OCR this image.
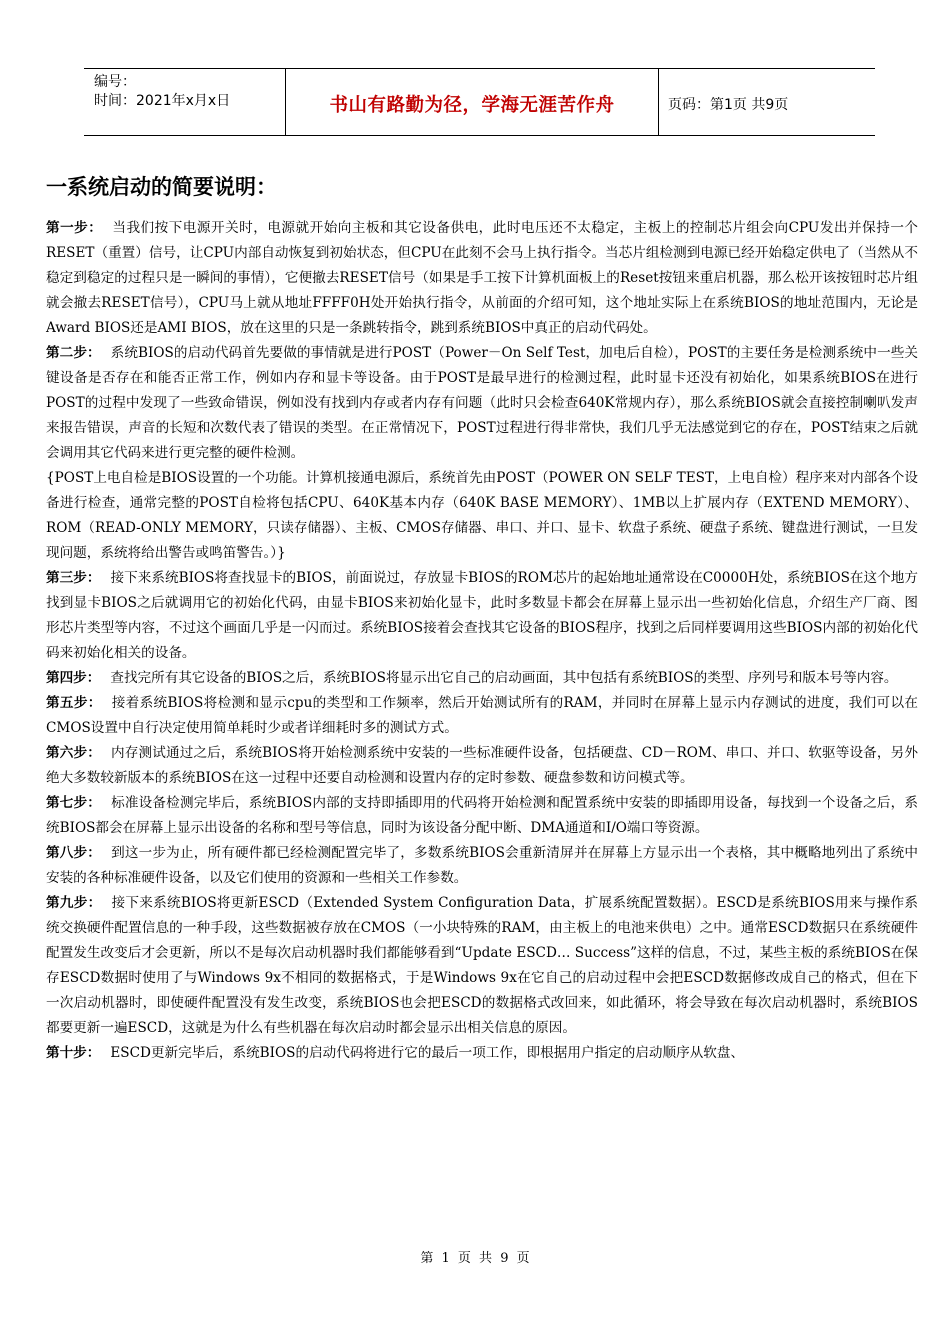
编号：
时间：2021年x月x日	书山有路勤为径，学海无涯苦作舟	页码：第1页 共9页
一系统启动的简要说明：

第一步： 当我们按下电源开关时，电源就开始向主板和其它设备供电，此时电压还不太稳定，主板上的控制芯片组会向CPU发出并保持一个RESET（重置）信号，让CPU内部自动恢复到初始状态，但CPU在此刻不会马上执行指令。当芯片组检测到电源已经开始稳定供电了（当然从不稳定到稳定的过程只是一瞬间的事情），它便撤去RESET信号（如果是手工按下计算机面板上的Reset按钮来重启机器，那么松开该按钮时芯片组就会撤去RESET信号），CPU马上就从地址FFFF0H处开始执行指令，从前面的介绍可知，这个地址实际上在系统BIOS的地址范围内，无论是Award BIOS还是AMI BIOS，放在这里的只是一条跳转指令，跳到系统BIOS中真正的启动代码处。

第二步： 系统BIOS的启动代码首先要做的事情就是进行POST（Power－On Self Test，加电后自检），POST的主要任务是检测系统中一些关键设备是否存在和能否正常工作，例如内存和显卡等设备。由于POST是最早进行的检测过程，此时显卡还没有初始化，如果系统BIOS在进行POST的过程中发现了一些致命错误，例如没有找到内存或者内存有问题（此时只会检查640K常规内存），那么系统BIOS就会直接控制喇叭发声来报告错误，声音的长短和次数代表了错误的类型。在正常情况下，POST过程进行得非常快，我们几乎无法感觉到它的存在，POST结束之后就会调用其它代码来进行更完整的硬件检测。

{POST上电自检是BIOS设置的一个功能。计算机接通电源后，系统首先由POST（POWER ON SELF TEST，上电自检）程序来对内部各个设备进行检查，通常完整的POST自检将包括CPU、640K基本内存（640K BASE MEMORY）、1MB以上扩展内存（EXTEND MEMORY）、ROM（READ-ONLY MEMORY，只读存储器）、主板、CMOS存储器、串口、并口、显卡、软盘子系统、硬盘子系统、键盘进行测试，一旦发现问题，系统将给出警告或鸣笛警告。）}

第三步： 接下来系统BIOS将查找显卡的BIOS，前面说过，存放显卡BIOS的ROM芯片的起始地址通常设在C0000H处，系统BIOS在这个地方找到显卡BIOS之后就调用它的初始化代码，由显卡BIOS来初始化显卡，此时多数显卡都会在屏幕上显示出一些初始化信息，介绍生产厂商、图形芯片类型等内容，不过这个画面几乎是一闪而过。系统BIOS接着会查找其它设备的BIOS程序，找到之后同样要调用这些BIOS内部的初始化代码来初始化相关的设备。

第四步： 查找完所有其它设备的BIOS之后，系统BIOS将显示出它自己的启动画面，其中包括有系统BIOS的类型、序列号和版本号等内容。

第五步： 接着系统BIOS将检测和显示cpu的类型和工作频率，然后开始测试所有的RAM，并同时在屏幕上显示内存测试的进度，我们可以在CMOS设置中自行决定使用简单耗时少或者详细耗时多的测试方式。

第六步： 内存测试通过之后，系统BIOS将开始检测系统中安装的一些标准硬件设备，包括硬盘、CD－ROM、串口、并口、软驱等设备，另外绝大多数较新版本的系统BIOS在这一过程中还要自动检测和设置内存的定时参数、硬盘参数和访问模式等。

第七步： 标准设备检测完毕后，系统BIOS内部的支持即插即用的代码将开始检测和配置系统中安装的即插即用设备，每找到一个设备之后，系统BIOS都会在屏幕上显示出设备的名称和型号等信息，同时为该设备分配中断、DMA通道和I/O端口等资源。

第八步： 到这一步为止，所有硬件都已经检测配置完毕了，多数系统BIOS会重新清屏并在屏幕上方显示出一个表格，其中概略地列出了系统中安装的各种标准硬件设备，以及它们使用的资源和一些相关工作参数。

第九步： 接下来系统BIOS将更新ESCD（Extended System Configuration Data，扩展系统配置数据）。ESCD是系统BIOS用来与操作系统交换硬件配置信息的一种手段，这些数据被存放在CMOS（一小块特殊的RAM，由主板上的电池来供电）之中。通常ESCD数据只在系统硬件配置发生改变后才会更新，所以不是每次启动机器时我们都能够看到“Update ESCD… Success”这样的信息，不过，某些主板的系统BIOS在保存ESCD数据时使用了与Windows 9x不相同的数据格式，于是Windows 9x在它自己的启动过程中会把ESCD数据修改成自己的格式，但在下一次启动机器时，即使硬件配置没有发生改变，系统BIOS也会把ESCD的数据格式改回来，如此循环，将会导致在每次启动机器时，系统BIOS都要更新一遍ESCD，这就是为什么有些机器在每次启动时都会显示出相关信息的原因。

第十步： ESCD更新完毕后，系统BIOS的启动代码将进行它的最后一项工作，即根据用户指定的启动顺序从软盘、

第 1 页 共 9 页
